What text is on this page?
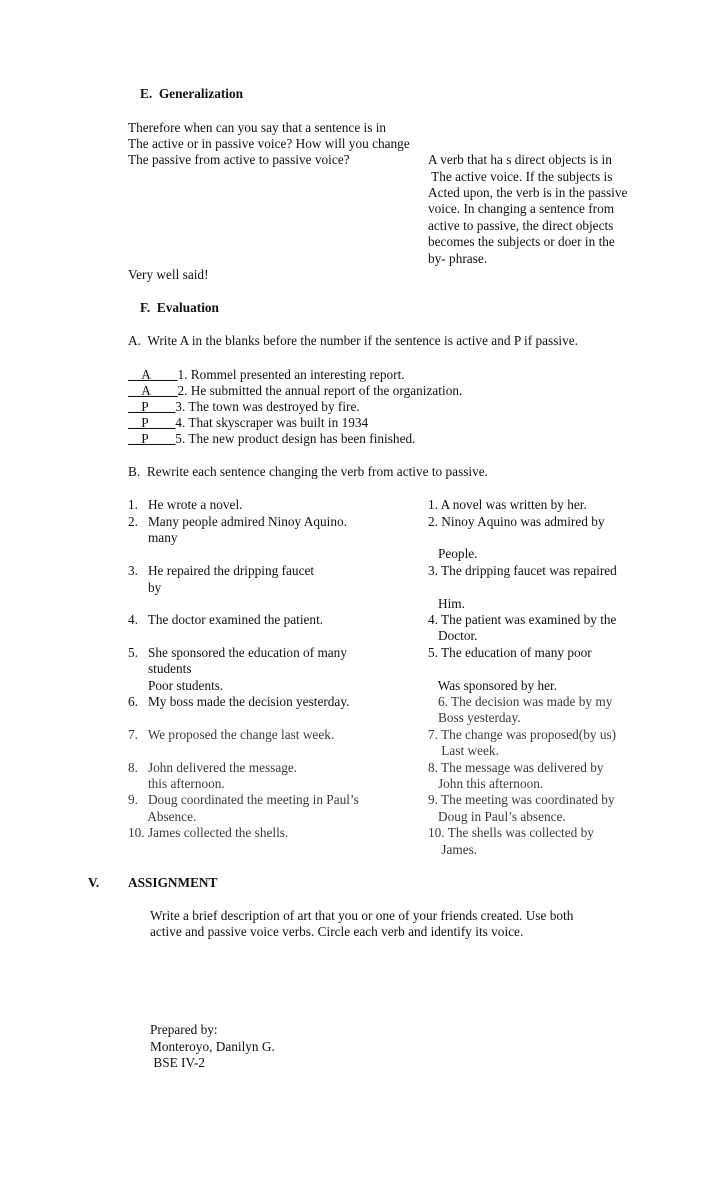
E.  Generalization
Therefore when can you say that a sentence is in
The active or in passive voice? How will you change
The passive from active to passive voice?	A verb that ha s direct objects is in
The active voice. If the subjects is
Acted upon, the verb is in the passive
voice. In changing a sentence from
active to passive, the direct objects
becomes the subjects or doer in the
by- phrase.
Very well said!
F.  Evaluation
A.  Write A in the blanks before the number if the sentence is active and P if passive.
__A____1. Rommel presented an interesting report.
__A____2. He submitted the annual report of the organization.
__P____3. The town was destroyed by fire.
__P____4. That skyscraper was built in 1934
__P____5. The new product design has been finished.
B.  Rewrite each sentence changing the verb from active to passive.
1.   He wrote a novel.
2.   Many people admired Ninoy Aquino.
many
3.   He repaired the dripping faucet
by
4.   The doctor examined the patient.
5.   She sponsored the education of many
students
Poor students.
6.   My boss made the decision yesterday.
7.   We proposed the change last week.
8.   John delivered the message.
this afternoon.
9.   Doug coordinated the meeting in Paul’s
Absence.
10. James collected the shells.
1. A novel was written by her.
2. Ninoy Aquino was admired by
People.
3. The dripping faucet was repaired
Him.
4. The patient was examined by the
Doctor.
5. The education of many poor
Was sponsored by her.
6. The decision was made by my
Boss yesterday.
7. The change was proposed(by us)
Last week.
8. The message was delivered by
John this afternoon.
9. The meeting was coordinated by
Doug in Paul’s absence.
10. The shells was collected by
James.
V. ASSIGNMENT
Write a brief description of art that you or one of your friends created. Use both
active and passive voice verbs. Circle each verb and identify its voice.
Prepared by:
Monteroyo, Danilyn G.
BSE IV-2
